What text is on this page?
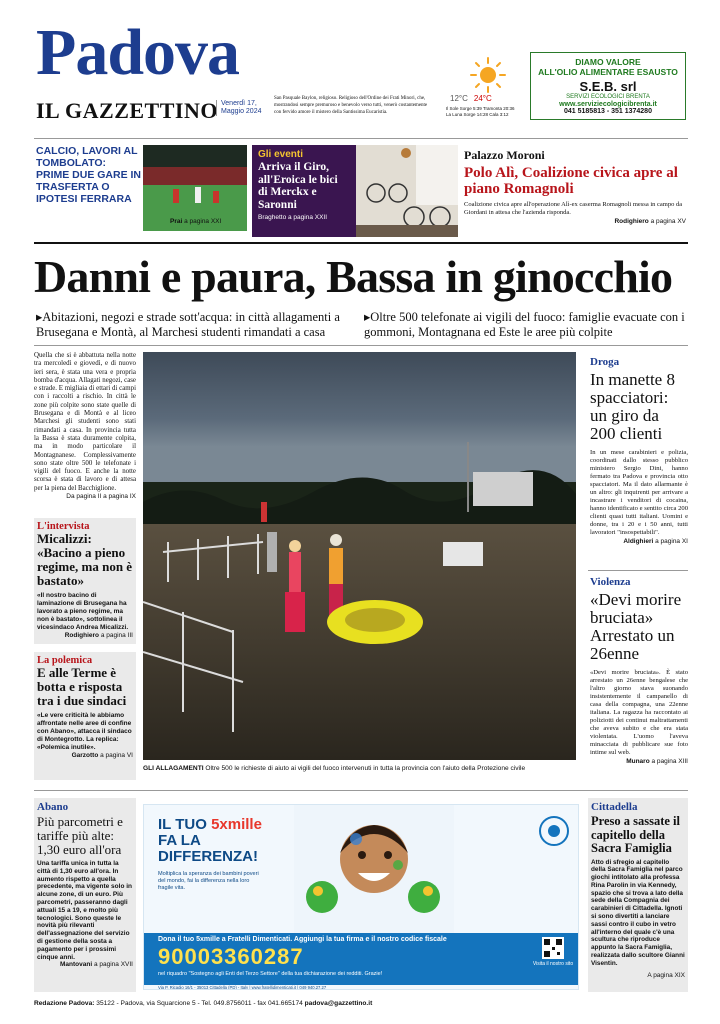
Padova
IL GAZZETTINO Venerdì 17,
Maggio 2024
San Pasquale Baylon, religioso. Religioso dell'Ordine dei Frati Minori, che, mostrandosi sempre premuroso e benevolo verso tutti, venerò costantemente con fervido amore il mistero della Santissima Eucaristia.
12°C 24°C
Il Sole Sorge 5:39 Tramonta 20:36
La Luna Sorge 14:28 Cala 3:12
DIAMO VALORE
ALL'OLIO ALIMENTARE ESAUSTO
S.E.B. srl
SERVIZI ECOLOGICI BRENTA
www.serviziecologicibrenta.it
041 5185813 - 351 1374280
CALCIO, LAVORI AL TOMBOLATO: PRIME DUE GARE IN TRASFERTA O IPOTESI FERRARA
Prai a pagina XXI
Gli eventi
Arriva il Giro, all'Eroica le bici di Merckx e Saronni
Braghetto a pagina XXII
Palazzo Moroni
Polo Alì, Coalizione civica apre al piano Romagnoli
Coalizione civica apre all'operazione Alì-ex caserma Romagnoli messa in campo da Giordani in attesa che l'azienda risponda.
Rodighiero a pagina XV
Danni e paura, Bassa in ginocchio
▸Abitazioni, negozi e strade sott'acqua: in città allagamenti a Brusegana e Montà, al Marchesi studenti rimandati a casa
▸Oltre 500 telefonate ai vigili del fuoco: famiglie evacuate con i gommoni, Montagnana ed Este le aree più colpite
Quella che si è abbattuta nella notte tra mercoledì e giovedì, e di nuovo ieri sera, è stata una vera e propria bomba d'acqua. Allagati negozi, case e strade. E migliaia di ettari di campi con i raccolti a rischio. In città le zone più colpite sono state quelle di Brusegana e di Montà e al liceo Marchesi gli studenti sono stati rimandati a casa. In provincia tutta la Bassa è stata duramente colpita, ma in modo particolare il Montagnanese. Complessivamente sono state oltre 500 le telefonate i vigili del fuoco. E anche la notte scorsa è stata di lavoro e di attesa per la piena del Bacchiglione.
Da pagina II a pagina IX
L'intervista
Micalizzi: «Bacino a pieno regime, ma non è bastato»
«Il nostro bacino di laminazione di Brusegana ha lavorato a pieno regime, ma non è bastato», sottolinea il vicesindaco Andrea Micalizzi.
Rodighiero a pagina III
La polemica
E alle Terme è botta e risposta tra i due sindaci
«Le vere criticità le abbiamo affrontate nelle aree di confine con Abano», attacca il sindaco di Montegrotto. La replica: «Polemica inutile».
Garzotto a pagina VI
GLI ALLAGAMENTI Oltre 500 le richieste di aiuto ai vigili del fuoco intervenuti in tutta la provincia con l'aiuto della Protezione civile
Droga
In manette 8 spacciatori: un giro da 200 clienti
In un mese carabinieri e polizia, coordinati dallo stesso pubblico ministero Sergio Dini, hanno fermato tra Padova e provincia otto spacciatori. Ma il dato allarmante è un altro: gli inquirenti per arrivare a incastrare i venditori di cocaina, hanno identificato e sentito circa 200 clienti quasi tutti italiani. Uomini e donne, tra i 20 e i 50 anni, tutti lavoratori "insospettabili".
Aldighieri a pagina XI
Violenza
«Devi morire bruciata» Arrestato un 26enne
«Devi morire bruciata». È stato arrestato un 26enne bengalese che l'altro giorno stava suonando insistentemente il campanello di casa della compagna, una 22enne italiana. La ragazza ha raccontato ai poliziotti dei continui maltrattamenti che aveva subito e che era stata violentata. L'uomo l'aveva minacciata di pubblicare sue foto intime sul web.
Munaro a pagina XIII
Abano
Più parcometri e tariffe più alte: 1,30 euro all'ora
Una tariffa unica in tutta la città di 1,30 euro all'ora. In aumento rispetto a quella precedente, ma vigente solo in alcune zone, di un euro. Più parcometri, passeranno dagli attuali 15 a 19, e molto più tecnologici. Sono queste le novità più rilevanti dell'assegnazione del servizio di gestione della sosta a pagamento per i prossimi cinque anni.
Mantovani a pagina XVII
IL TUO 5xmille
FA LA
DIFFERENZA!
Moltiplica la speranza dei bambini poveri del mondo, fai la differenza nella loro fragile vita.
Dona il tuo 5xmille a Fratelli Dimenticati. Aggiungi la tua firma e il nostro codice fiscale
90003360287
nel riquadro "Sostegno agli Enti del Terzo Settore" della tua dichiarazione dei redditi. Grazie!
Visita il nostro sito
Via P. Ricadio 16/1 - 35013 Cittadella (PD) - Italy | www.fratellidimenticati.it | 049 940.27.27
Cittadella
Preso a sassate il capitello della Sacra Famiglia
Atto di sfregio al capitello della Sacra Famiglia nel parco giochi intitolato alla professa Rina Parolin in via Kennedy, spazio che si trova a lato della sede della Compagnia dei carabinieri di Cittadella. Ignoti si sono divertiti a lanciare sassi contro il cubo in vetro all'interno del quale c'è una scultura che riproduce appunto la Sacra Famiglia, realizzata dallo scultore Gianni Visentin.
A pagina XIX
Redazione Padova: 35122 - Padova, via Squarcione 5 - Tel. 049.8756011 - fax 041.665174 padova@gazzettino.it
